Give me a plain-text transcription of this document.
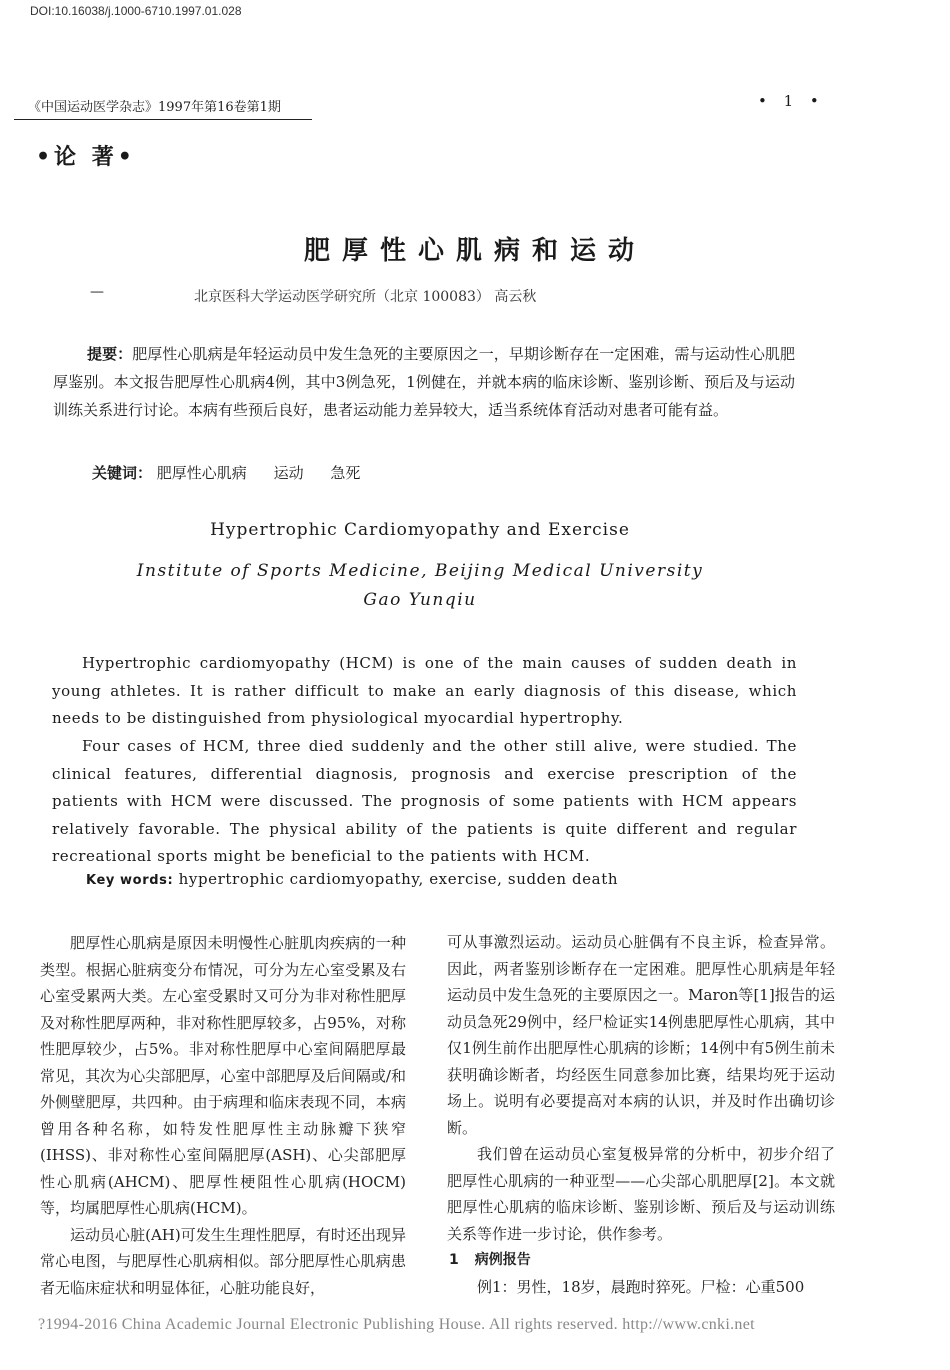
DOI:10.16038/j.1000-6710.1997.01.028
《中国运动医学杂志》1997年第16卷第1期	• 1 •
•论 著•
肥厚性心肌病和运动
—	北京医科大学运动医学研究所（北京 100083） 高云秋
提要：肥厚性心肌病是年轻运动员中发生急死的主要原因之一，早期诊断存在一定困难，需与运动性心肌肥厚鉴别。本文报告肥厚性心肌病4例，其中3例急死，1例健在，并就本病的临床诊断、鉴别诊断、预后及与运动训练关系进行讨论。本病有些预后良好，患者运动能力差异较大，适当系统体育活动对患者可能有益。
关键词： 肥厚性心肌病 运动 急死
Hypertrophic Cardiomyopathy and Exercise
Institute of Sports Medicine, Beijing Medical University
Gao Yunqiu
Hypertrophic cardiomyopathy (HCM) is one of the main causes of sudden death in young athletes. It is rather difficult to make an early diagnosis of this disease, which needs to be distinguished from physiological myocardial hypertrophy.
Four cases of HCM, three died suddenly and the other still alive, were studied. The clinical features, differential diagnosis, prognosis and exercise prescription of the patients with HCM were discussed. The prognosis of some patients with HCM appears relatively favorable. The physical ability of the patients is quite different and regular recreational sports might be beneficial to the patients with HCM.
Key words: hypertrophic cardiomyopathy, exercise, sudden death

肥厚性心肌病是原因未明慢性心脏肌肉疾病的一种类型。根据心脏病变分布情况，可分为左心室受累及右心室受累两大类。左心室受累时又可分为非对称性肥厚及对称性肥厚两种，非对称性肥厚较多，占95%，对称性肥厚较少，占5%。非对称性肥厚中心室间隔肥厚最常见，其次为心尖部肥厚，心室中部肥厚及后间隔或/和外侧壁肥厚，共四种。由于病理和临床表现不同，本病曾用各种名称，如特发性肥厚性主动脉瓣下狭窄(IHSS)、非对称性心室间隔肥厚(ASH)、心尖部肥厚性心肌病(AHCM)、肥厚性梗阻性心肌病(HOCM)等，均属肥厚性心肌病(HCM)。

运动员心脏(AH)可发生生理性肥厚，有时还出现异常心电图，与肥厚性心肌病相似。部分肥厚性心肌病患者无临床症状和明显体征，心脏功能良好，

可从事激烈运动。运动员心脏偶有不良主诉，检查异常。因此，两者鉴别诊断存在一定困难。肥厚性心肌病是年轻运动员中发生急死的主要原因之一。Maron等[1]报告的运动员急死29例中，经尸检证实14例患肥厚性心肌病，其中仅1例生前作出肥厚性心肌病的诊断；14例中有5例生前未获明确诊断者，均经医生同意参加比赛，结果均死于运动场上。说明有必要提高对本病的认识，并及时作出确切诊断。

我们曾在运动员心室复极异常的分析中，初步介绍了肥厚性心肌病的一种亚型——心尖部心肌肥厚[2]。本文就肥厚性心肌病的临床诊断、鉴别诊断、预后及与运动训练关系等作进一步讨论，供作参考。

1 病例报告

例1：男性，18岁，晨跑时猝死。尸检：心重500

?1994-2016 China Academic Journal Electronic Publishing House. All rights reserved. http://www.cnki.net
